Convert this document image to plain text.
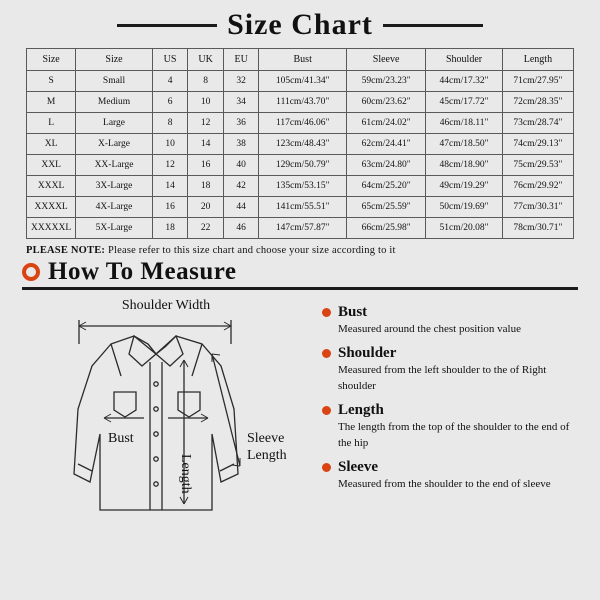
Size Chart
Size	Size	US	UK	EU	Bust	Sleeve	Shoulder	Length
S	Small	4	8	32	105cm/41.34"	59cm/23.23"	44cm/17.32"	71cm/27.95"
M	Medium	6	10	34	111cm/43.70"	60cm/23.62"	45cm/17.72"	72cm/28.35"
L	Large	8	12	36	117cm/46.06"	61cm/24.02"	46cm/18.11"	73cm/28.74"
XL	X-Large	10	14	38	123cm/48.43"	62cm/24.41"	47cm/18.50"	74cm/29.13"
XXL	XX-Large	12	16	40	129cm/50.79"	63cm/24.80"	48cm/18.90"	75cm/29.53"
XXXL	3X-Large	14	18	42	135cm/53.15"	64cm/25.20"	49cm/19.29"	76cm/29.92"
XXXXL	4X-Large	16	20	44	141cm/55.51"	65cm/25.59"	50cm/19.69"	77cm/30.31"
XXXXXL	5X-Large	18	22	46	147cm/57.87"	66cm/25.98"	51cm/20.08"	78cm/30.71"
PLEASE NOTE: Please refer to this size chart and choose your size according to it
How To Measure
Shoulder Width
Bust	Sleeve
Length
Length
Bust
Measured around the chest position value
Shoulder
Measured from the left shoulder to the of Right shoulder
Length
The length from the top of the shoulder to the end of the hip
Sleeve
Measured from the shoulder to the end of sleeve
